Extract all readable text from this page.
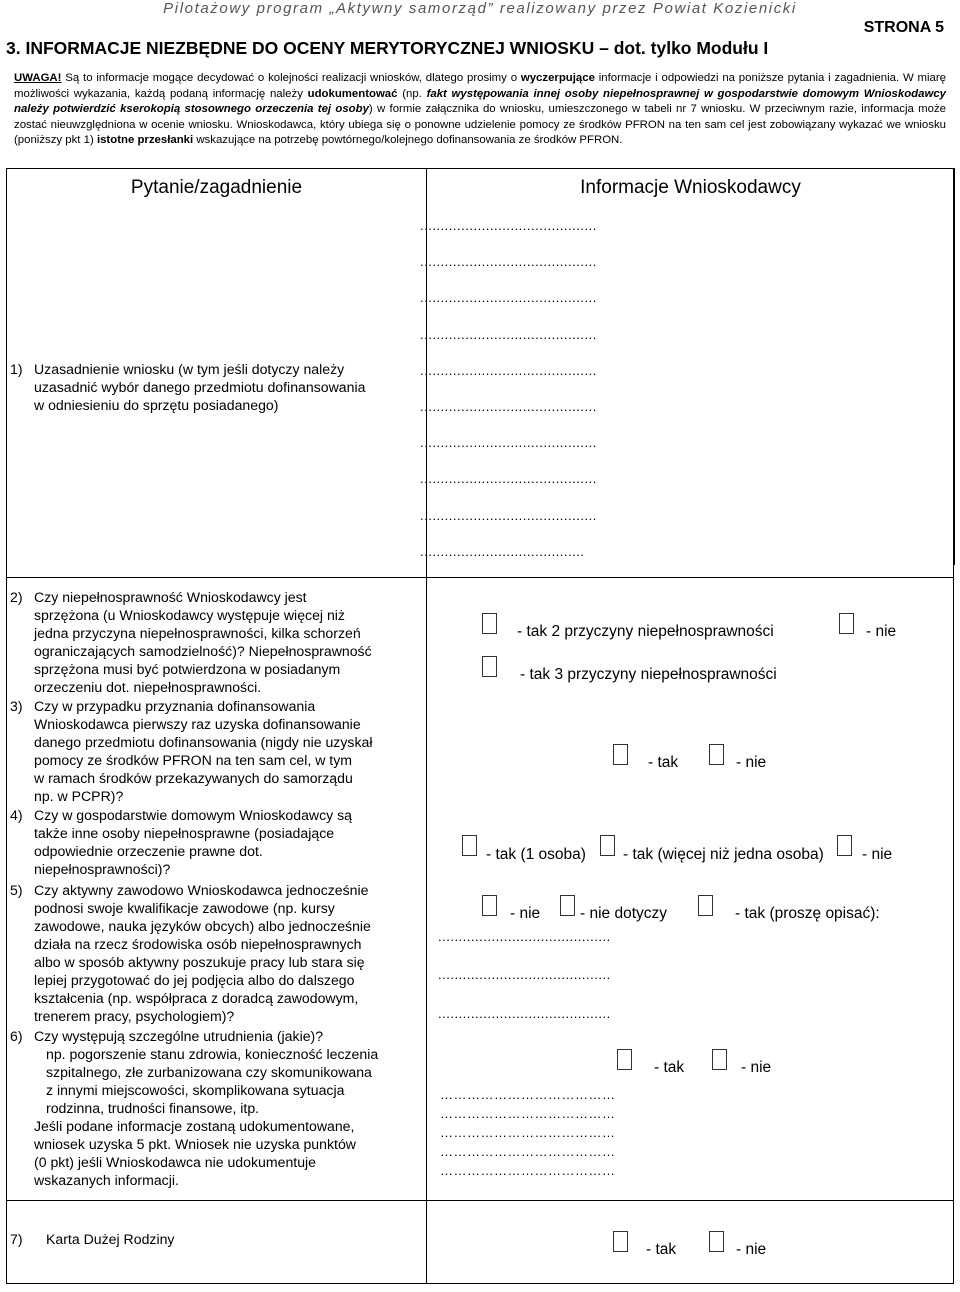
Pilotażowy program „Aktywny samorząd” realizowany przez Powiat Kozienicki
STRONA 5
3. INFORMACJE NIEZBĘDNE DO OCENY MERYTORYCZNEJ WNIOSKU – dot. tylko Modułu I
UWAGA! Są to informacje mogące decydować o kolejności realizacji wniosków, dlatego prosimy o wyczerpujące informacje i odpowiedzi na poniższe pytania i zagadnienia. W miarę możliwości wykazania, każdą podaną informację należy udokumentować (np. fakt występowania innej osoby niepełnosprawnej w gospodarstwie domowym Wnioskodawcy należy potwierdzić kserokopią stosownego orzeczenia tej osoby) w formie załącznika do wniosku, umieszczonego w tabeli nr 7 wniosku. W przeciwnym razie, informacja może zostać nieuwzględniona w ocenie wniosku. Wnioskodawca, który ubiega się o ponowne udzielenie pomocy ze środków PFRON na ten sam cel jest zobowiązany wykazać we wniosku (poniższy pkt 1) istotne przesłanki wskazujące na potrzebę powtórnego/kolejnego dofinansowania ze środków PFRON.
Pytanie/zagadnienie	Informacje Wnioskodawcy
1) Uzasadnienie wniosku (w tym jeśli dotyczy należy
uzasadnić wybór danego przedmiotu dofinansowania
w odniesieniu do sprzętu posiadanego)
...........................................
...........................................
...........................................
...........................................
...........................................
...........................................
...........................................
...........................................
...........................................
........................................
2) Czy niepełnosprawność Wnioskodawcy jest
sprzężona (u Wnioskodawcy występuje więcej niż
jedna przyczyna niepełnosprawności, kilka schorzeń
ograniczających samodzielność)? Niepełnosprawność
sprzężona musi być potwierdzona w posiadanym
orzeczeniu dot. niepełnosprawności.
- tak 2 przyczyny niepełnosprawności	- nie
- tak 3 przyczyny niepełnosprawności
3) Czy w przypadku przyznania dofinansowania
Wnioskodawca pierwszy raz uzyska dofinansowanie
danego przedmiotu dofinansowania (nigdy nie uzyskał
pomocy ze środków PFRON na ten sam cel, w tym
w ramach środków przekazywanych do samorządu
np. w PCPR)?
- tak	- nie
4) Czy w gospodarstwie domowym Wnioskodawcy są
także inne osoby niepełnosprawne (posiadające
odpowiednie orzeczenie prawne dot.
niepełnosprawności)?
- tak (1 osoba) - tak (więcej niż jedna osoba) - nie
5) Czy aktywny zawodowo Wnioskodawca jednocześnie
podnosi swoje kwalifikacje zawodowe (np. kursy
zawodowe, nauka języków obcych) albo jednocześnie
działa na rzecz środowiska osób niepełnosprawnych
albo w sposób aktywny poszukuje pracy lub stara się
lepiej przygotować do jej podjęcia albo do dalszego
kształcenia (np. współpraca z doradcą zawodowym,
trenerem pracy, psychologiem)?
- nie	- nie dotyczy	- tak (proszę opisać):
..........................................
..........................................
..........................................
6) Czy występują szczególne utrudnienia (jakie)?
np. pogorszenie stanu zdrowia, konieczność leczenia
szpitalnego, złe zurbanizowana czy skomunikowana
z innymi miejscowości, skomplikowana sytuacja
rodzinna, trudności finansowe, itp.
Jeśli podane informacje zostaną udokumentowane,
wniosek uzyska 5 pkt. Wniosek nie uzyska punktów
(0 pkt) jeśli Wnioskodawca nie udokumentuje
wskazanych informacji.
- tak	- nie
…………………………………
…………………………………
…………………………………
…………………………………
…………………………………
7) Karta Dużej Rodziny
- tak	- nie
